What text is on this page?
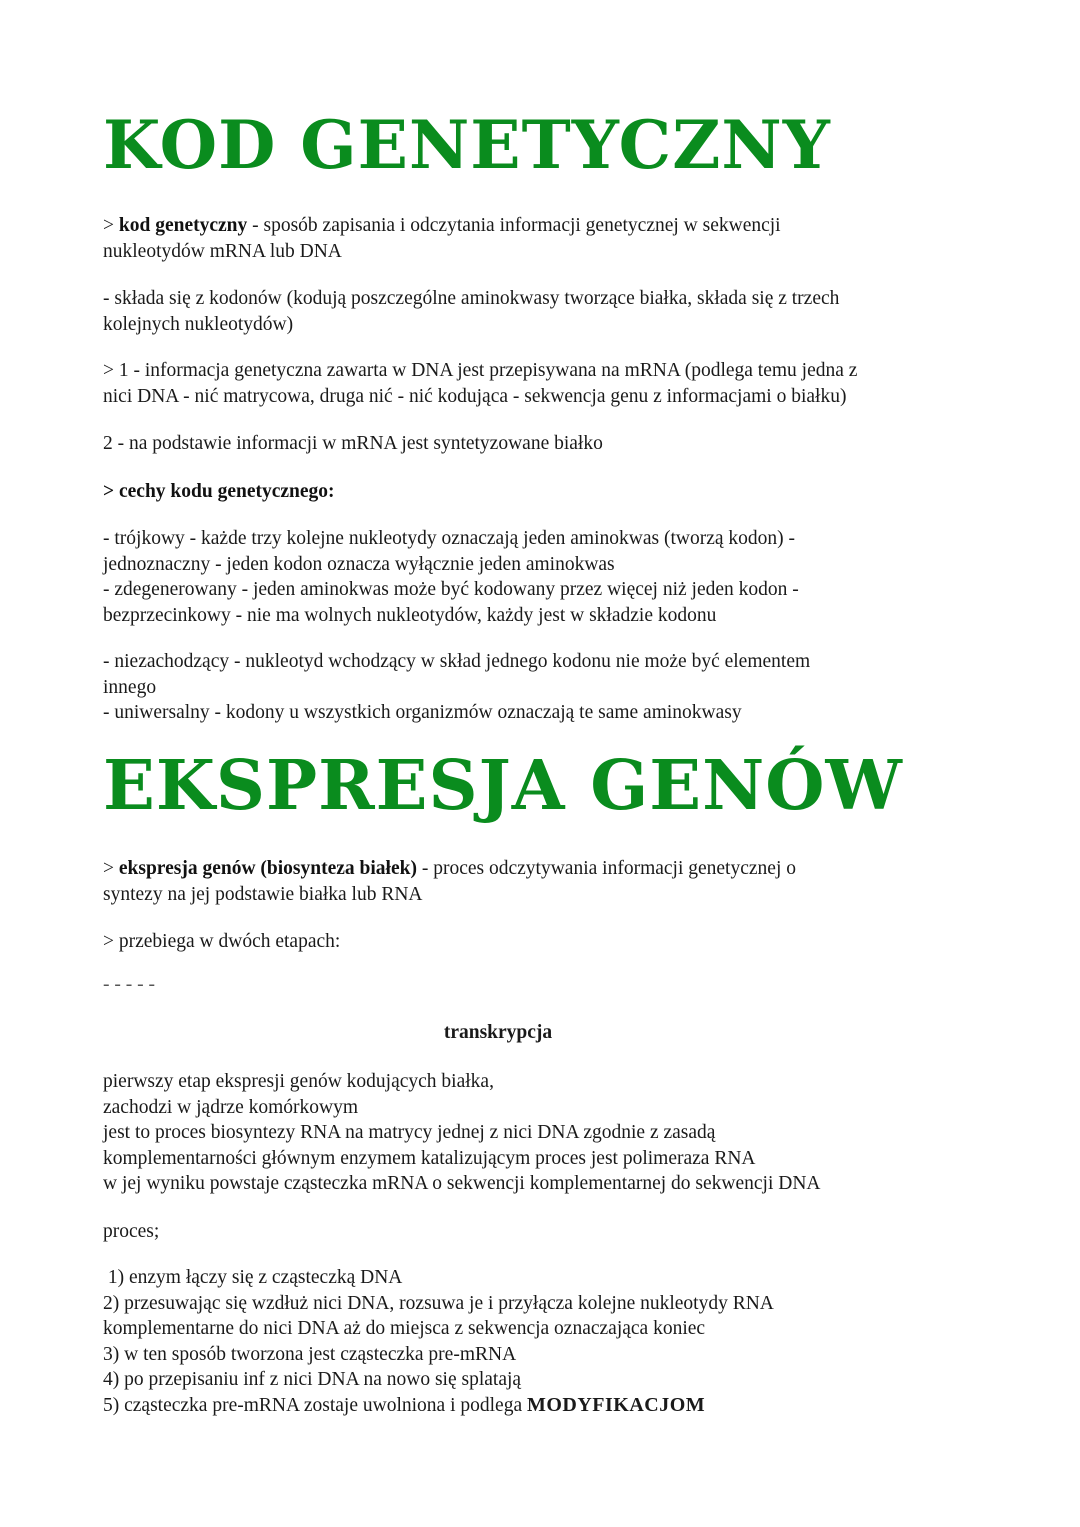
KOD GENETYCZNY

> kod genetyczny - sposób zapisania i odczytania informacji genetycznej w sekwencji
nukleotydów mRNA lub DNA

- składa się z kodonów (kodują poszczególne aminokwasy tworzące białka, składa się z trzech
kolejnych nukleotydów)

> 1 - informacja genetyczna zawarta w DNA jest przepisywana na mRNA (podlega temu jedna z
nici DNA - nić matrycowa, druga nić - nić kodująca - sekwencja genu z informacjami o białku)

2 - na podstawie informacji w mRNA jest syntetyzowane białko

> cechy kodu genetycznego:

- trójkowy - każde trzy kolejne nukleotydy oznaczają jeden aminokwas (tworzą kodon) -
jednoznaczny - jeden kodon oznacza wyłącznie jeden aminokwas
- zdegenerowany - jeden aminokwas może być kodowany przez więcej niż jeden kodon -
bezprzecinkowy - nie ma wolnych nukleotydów, każdy jest w składzie kodonu

- niezachodzący - nukleotyd wchodzący w skład jednego kodonu nie może być elementem
innego
- uniwersalny - kodony u wszystkich organizmów oznaczają te same aminokwasy

EKSPRESJA GENÓW

> ekspresja genów (biosynteza białek) - proces odczytywania informacji genetycznej o
syntezy na jej podstawie białka lub RNA

> przebiega w dwóch etapach:

- - - - -

transkrypcja

pierwszy etap ekspresji genów kodujących białka,
zachodzi w jądrze komórkowym
jest to proces biosyntezy RNA na matrycy jednej z nici DNA zgodnie z zasadą
komplementarności głównym enzymem katalizującym proces jest polimeraza RNA
w jej wyniku powstaje cząsteczka mRNA o sekwencji komplementarnej do sekwencji DNA

proces;

1) enzym łączy się z cząsteczką DNA
2) przesuwając się wzdłuż nici DNA, rozsuwa je i przyłącza kolejne nukleotydy RNA
komplementarne do nici DNA aż do miejsca z sekwencja oznaczająca koniec
3) w ten sposób tworzona jest cząsteczka pre-mRNA
4) po przepisaniu inf z nici DNA na nowo się splatają
5) cząsteczka pre-mRNA zostaje uwolniona i podlega MODYFIKACJOM
